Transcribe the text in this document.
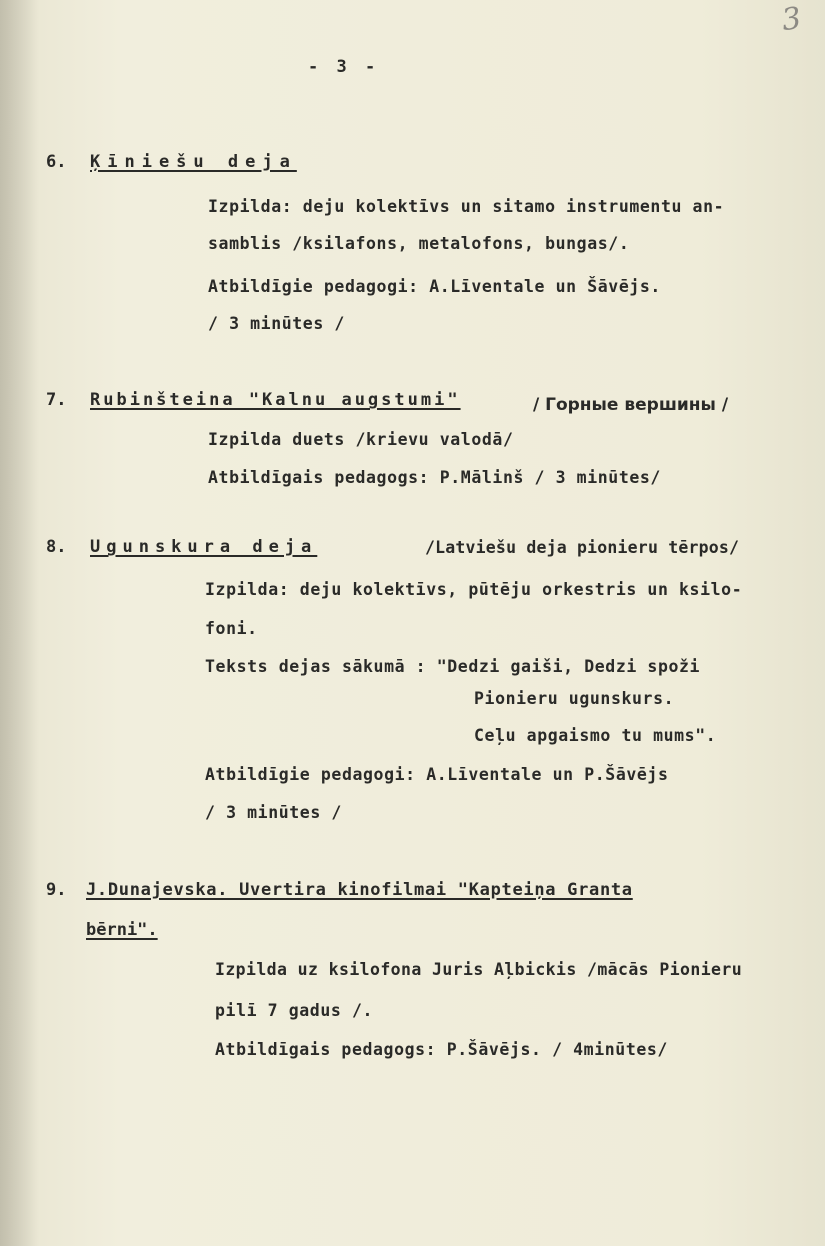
3
- 3 -
6. Ķīniešu deja
Izpilda: deju kolektīvs un sitamo instrumentu an-
samblis /ksilafons, metalofons, bungas/.
Atbildīgie pedagogi: A.Līventale un Šāvējs.
/ 3 minūtes /
7. Rubinšteina "Kalnu augstumi"	/ Горные вершины /
Izpilda duets /krievu valodā/
Atbildīgais pedagogs: P.Mālinš / 3 minūtes/
8. Ugunskura deja	/Latviešu deja pionieru tērpos/
Izpilda: deju kolektīvs, pūtēju orkestris un ksilo-
foni.
Teksts dejas sākumā : "Dedzi gaiši, Dedzi spoži
Pionieru ugunskurs.
Ceļu apgaismo tu mums".
Atbildīgie pedagogi: A.Līventale un P.Šāvējs
/ 3 minūtes /
9. J.Dunajevska. Uvertira kinofilmai "Kapteiņa Granta
bērni".
Izpilda uz ksilofona Juris Aļbickis /mācās Pionieru
pilī 7 gadus /.
Atbildīgais pedagogs: P.Šāvējs. / 4minūtes/
